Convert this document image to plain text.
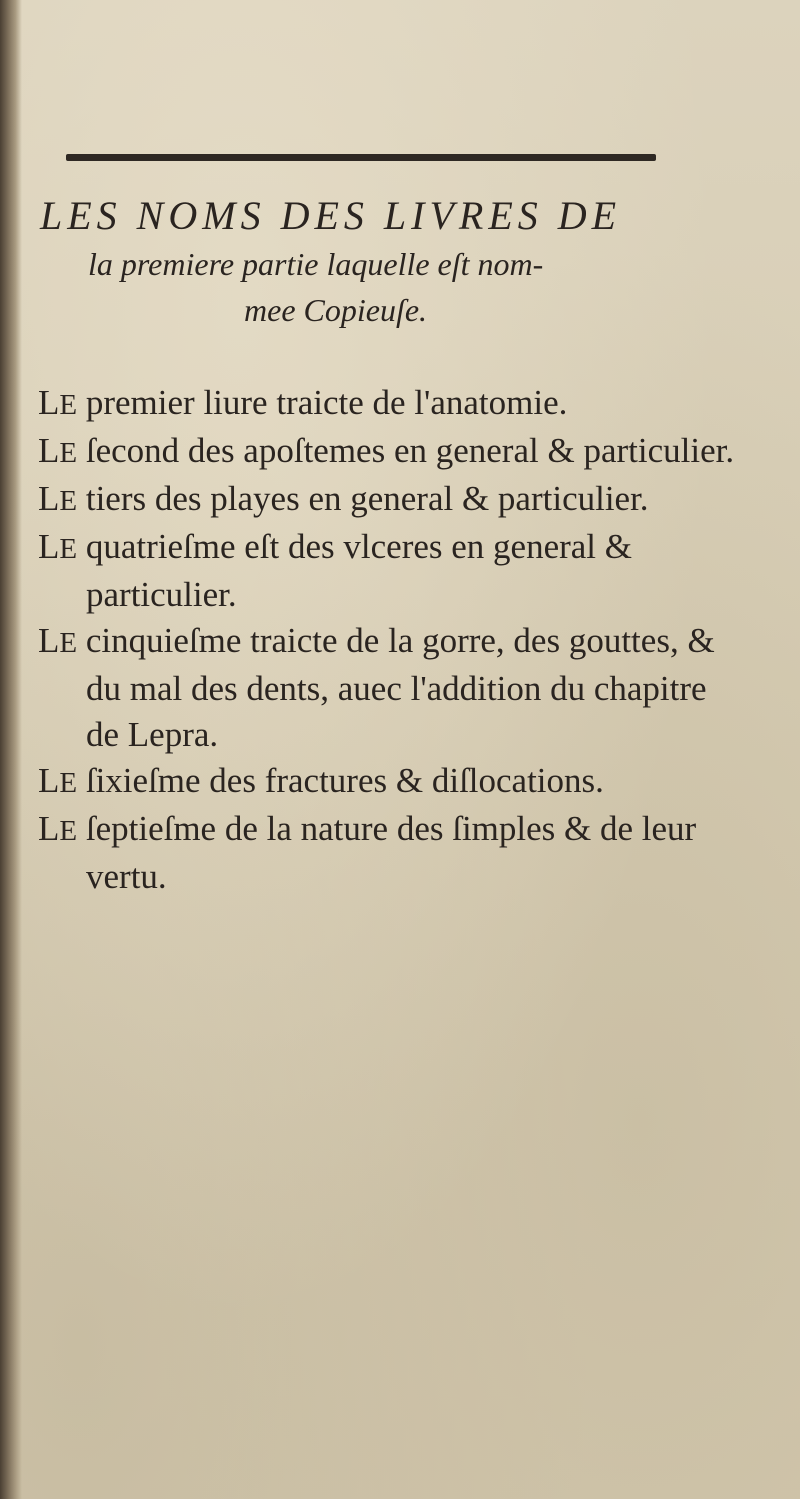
LES NOMS DES LIVRES DE
la premiere partie laquelle eſt nom-
mee Copieuſe.

LE premier liure traicte de l'anatomie.

LE ſecond des apoſtemes en general & particulier.

LE tiers des playes en general & particulier.

LE quatrieſme eſt des vlceres en general & particulier.

LE cinquieſme traicte de la gorre, des gouttes, & du mal des dents, auec l'addition du chapitre de Lepra.

LE ſixieſme des fractures & diſlocations.

LE ſeptieſme de la nature des ſimples & de leur vertu.
